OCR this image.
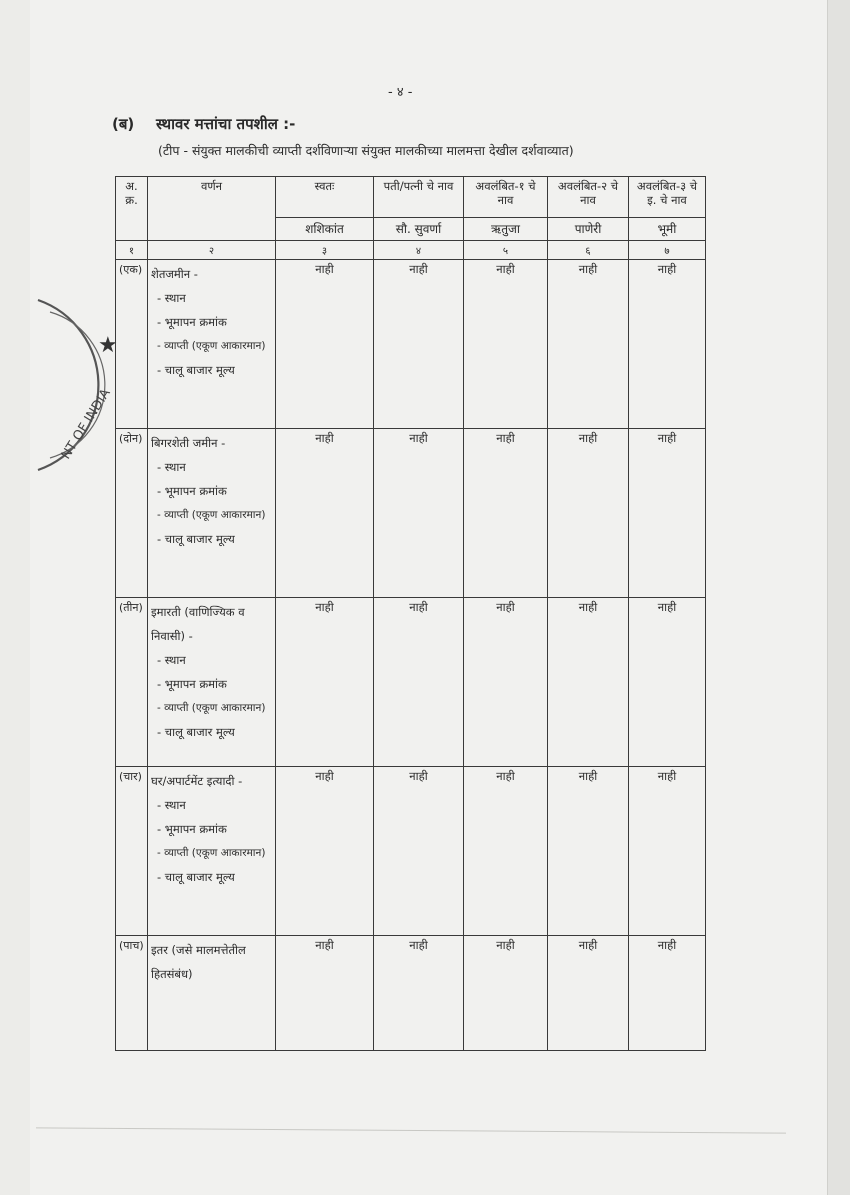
- ४ -
(ब) स्थावर मत्तांचा तपशील :-
(टीप - संयुक्त मालकीची व्याप्ती दर्शविणाऱ्या संयुक्त मालकीच्या मालमत्ता देखील दर्शवाव्यात)
★
NT OF INDIA
अ. क्र.	वर्णन	स्वतः	पती/पत्नी चे नाव	अवलंबित-१ चे नाव	अवलंबित-२ चे नाव	अवलंबित-३ चे इ. चे नाव
		शशिकांत	सौ. सुवर्णा	ऋतुजा	पाणेरी	भूमी
१	२	३	४	५	६	७
(एक)	शेतजमीन -
- स्थान
- भूमापन क्रमांक
- व्याप्ती (एकूण आकारमान)
- चालू बाजार मूल्य	नाही	नाही	नाही	नाही	नाही
(दोन)	बिगरशेती जमीन -
- स्थान
- भूमापन क्रमांक
- व्याप्ती (एकूण आकारमान)
- चालू बाजार मूल्य	नाही	नाही	नाही	नाही	नाही
(तीन)	इमारती (वाणिज्यिक व निवासी) -
- स्थान
- भूमापन क्रमांक
- व्याप्ती (एकूण आकारमान)
- चालू बाजार मूल्य	नाही	नाही	नाही	नाही	नाही
(चार)	घर/अपार्टमेंट इत्यादी -
- स्थान
- भूमापन क्रमांक
- व्याप्ती (एकूण आकारमान)
- चालू बाजार मूल्य	नाही	नाही	नाही	नाही	नाही
(पाच)	इतर (जसे मालमत्तेतील हितसंबंध)	नाही	नाही	नाही	नाही	नाही
